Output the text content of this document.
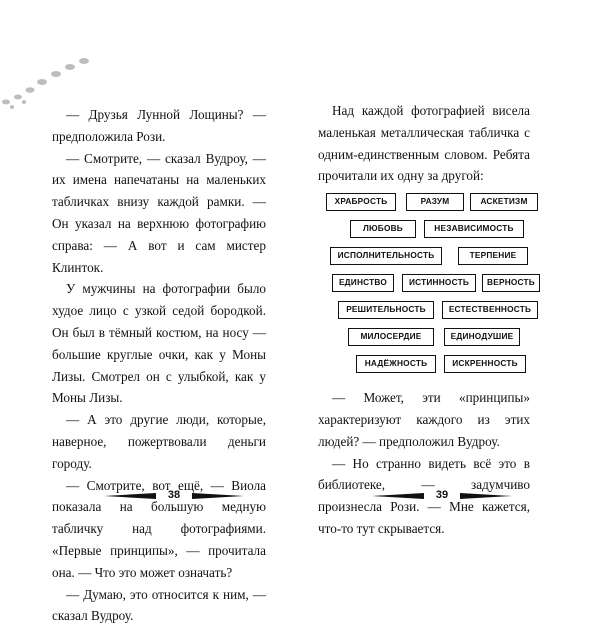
— Друзья Лунной Лощины? — предположила Рози.

— Смотрите, — сказал Вудроу, — их имена напечатаны на маленьких табличках внизу каждой рамки. — Он указал на верхнюю фотографию справа: — А вот и сам мистер Клинток.

У мужчины на фотографии было худое лицо с узкой седой бородкой. Он был в тёмный костюм, на носу — большие круглые очки, как у Моны Лизы. Смотрел он с улыбкой, как у Моны Лизы.

— А это другие люди, которые, наверное, пожертвовали деньги городу.

— Смотрите, вот ещё, — Виола показала на большую медную табличку над фотографиями. «Первые принципы», — прочитала она. — Что это может означать?

— Думаю, это относится к ним, — сказал Вудроу.

38

Над каждой фотографией висела маленькая металлическая табличка с одним-единственным словом. Ребята прочитали их одну за другой:

ХРАБРОСТЬ	РАЗУМ	АСКЕТИЗМ
ЛЮБОВЬ	НЕЗАВИСИМОСТЬ
ИСПОЛНИТЕЛЬНОСТЬ	ТЕРПЕНИЕ
ЕДИНСТВО	ИСТИННОСТЬ	ВЕРНОСТЬ
РЕШИТЕЛЬНОСТЬ	ЕСТЕСТВЕННОСТЬ
МИЛОСЕРДИЕ	ЕДИНОДУШИЕ
НАДЁЖНОСТЬ	ИСКРЕННОСТЬ

— Может, эти «принципы» характеризуют каждого из этих людей? — предположил Вудроу.

— Но странно видеть всё это в библиотеке, — задумчиво произнесла Рози. — Мне кажется, что-то тут скрывается.

39
